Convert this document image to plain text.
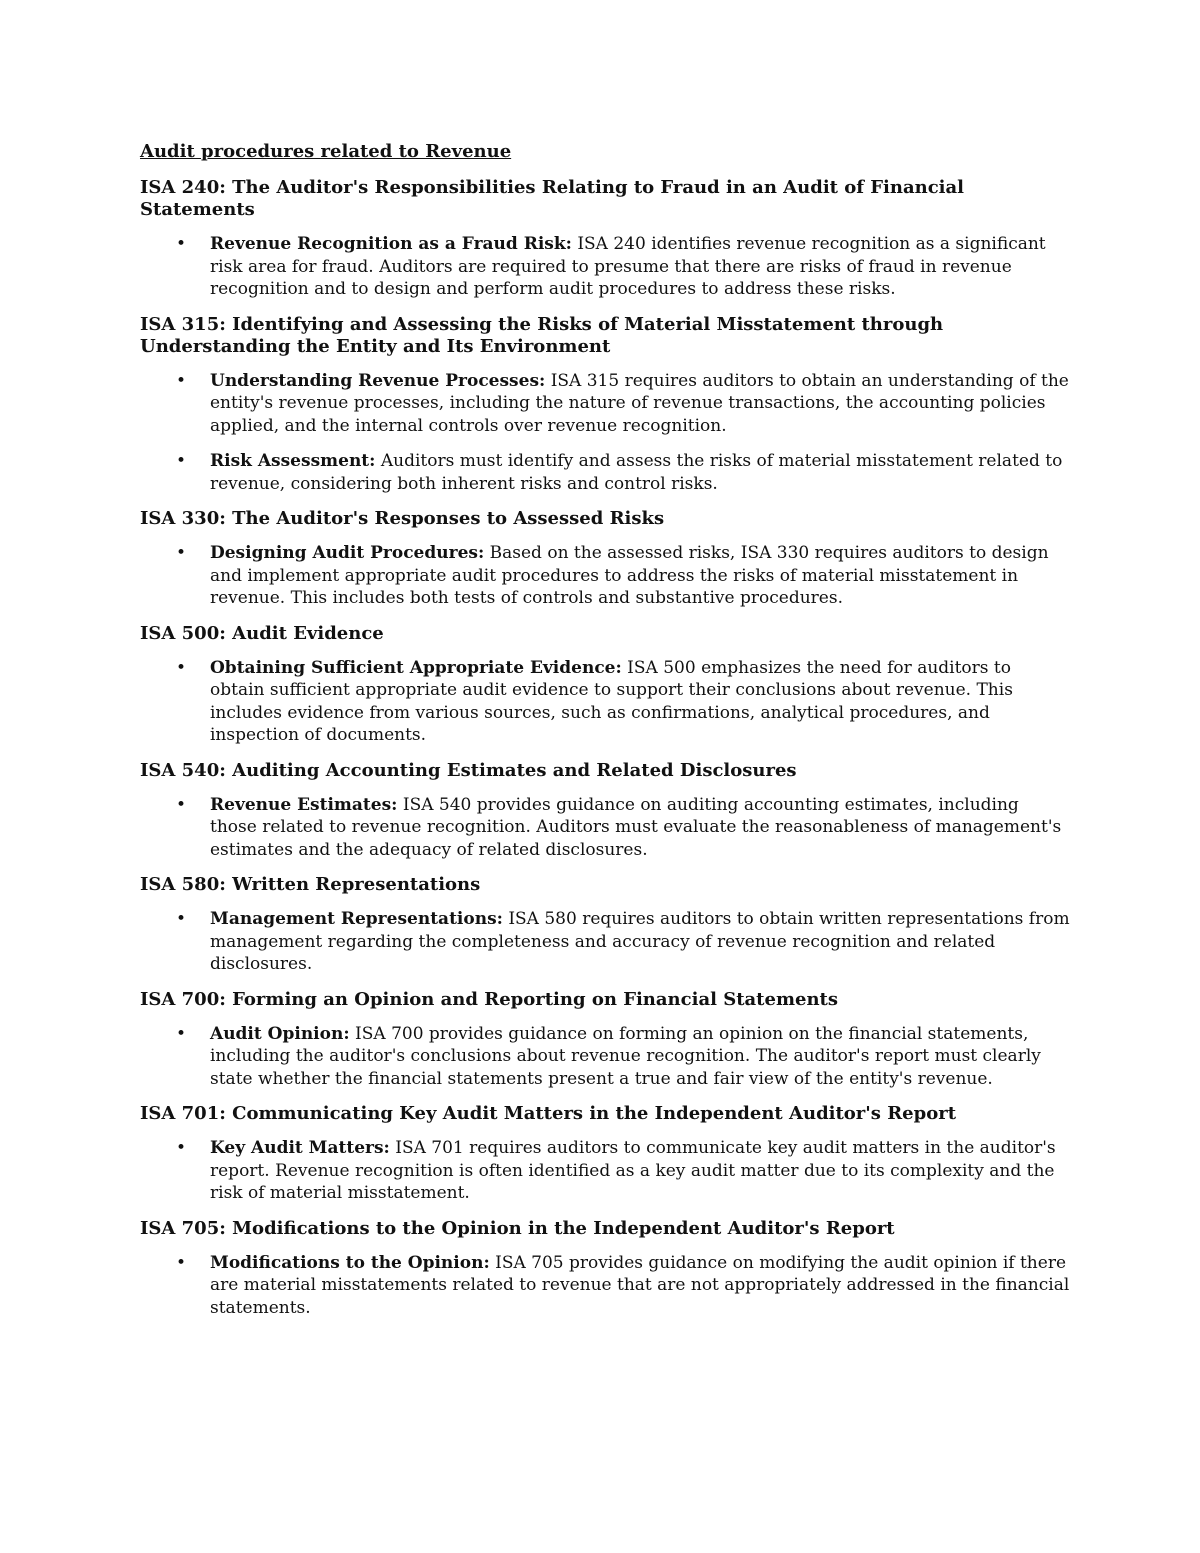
Audit procedures related to Revenue
ISA 240: The Auditor's Responsibilities Relating to Fraud in an Audit of Financial Statements
• Revenue Recognition as a Fraud Risk: ISA 240 identifies revenue recognition as a significant risk area for fraud. Auditors are required to presume that there are risks of fraud in revenue recognition and to design and perform audit procedures to address these risks.
ISA 315: Identifying and Assessing the Risks of Material Misstatement through Understanding the Entity and Its Environment
• Understanding Revenue Processes: ISA 315 requires auditors to obtain an understanding of the entity's revenue processes, including the nature of revenue transactions, the accounting policies applied, and the internal controls over revenue recognition.
• Risk Assessment: Auditors must identify and assess the risks of material misstatement related to revenue, considering both inherent risks and control risks.
ISA 330: The Auditor's Responses to Assessed Risks
• Designing Audit Procedures: Based on the assessed risks, ISA 330 requires auditors to design and implement appropriate audit procedures to address the risks of material misstatement in revenue. This includes both tests of controls and substantive procedures.
ISA 500: Audit Evidence
• Obtaining Sufficient Appropriate Evidence: ISA 500 emphasizes the need for auditors to obtain sufficient appropriate audit evidence to support their conclusions about revenue. This includes evidence from various sources, such as confirmations, analytical procedures, and inspection of documents.
ISA 540: Auditing Accounting Estimates and Related Disclosures
• Revenue Estimates: ISA 540 provides guidance on auditing accounting estimates, including those related to revenue recognition. Auditors must evaluate the reasonableness of management's estimates and the adequacy of related disclosures.
ISA 580: Written Representations
• Management Representations: ISA 580 requires auditors to obtain written representations from management regarding the completeness and accuracy of revenue recognition and related disclosures.
ISA 700: Forming an Opinion and Reporting on Financial Statements
• Audit Opinion: ISA 700 provides guidance on forming an opinion on the financial statements, including the auditor's conclusions about revenue recognition. The auditor's report must clearly state whether the financial statements present a true and fair view of the entity's revenue.
ISA 701: Communicating Key Audit Matters in the Independent Auditor's Report
• Key Audit Matters: ISA 701 requires auditors to communicate key audit matters in the auditor's report. Revenue recognition is often identified as a key audit matter due to its complexity and the risk of material misstatement.
ISA 705: Modifications to the Opinion in the Independent Auditor's Report
• Modifications to the Opinion: ISA 705 provides guidance on modifying the audit opinion if there are material misstatements related to revenue that are not appropriately addressed in the financial statements.
